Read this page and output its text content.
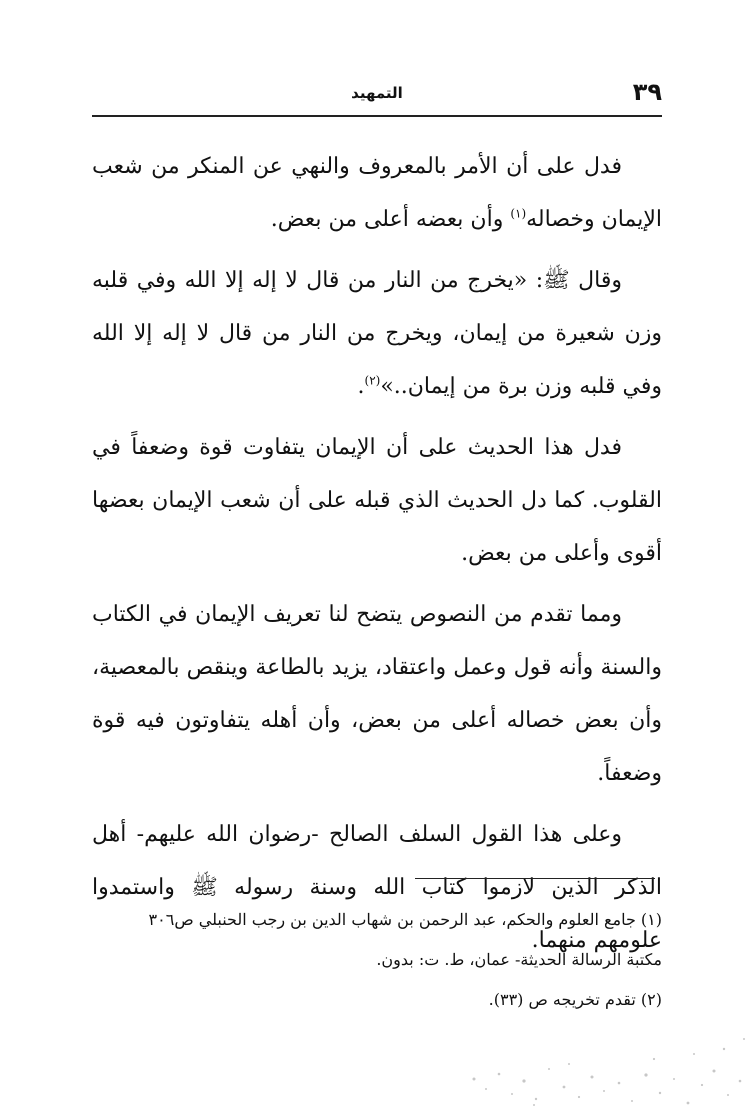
٣٩
التمهيد

فدل على أن الأمر بالمعروف والنهي عن المنكر من شعب الإيمان وخصاله$^{(١)}$ وأن بعضه أعلى من بعض.

وقال ﷺ: «يخرج من النار من قال لا إله إلا الله وفي قلبه وزن شعيرة من إيمان، ويخرج من النار من قال لا إله إلا الله وفي قلبه وزن برة من إيمان..»$^{(٢)}$.

فدل هذا الحديث على أن الإيمان يتفاوت قوة وضعفاً في القلوب. كما دل الحديث الذي قبله على أن شعب الإيمان بعضها أقوى وأعلى من بعض.

ومما تقدم من النصوص يتضح لنا تعريف الإيمان في الكتاب والسنة وأنه قول وعمل واعتقاد، يزيد بالطاعة وينقص بالمعصية، وأن بعض خصاله أعلى من بعض، وأن أهله يتفاوتون فيه قوة وضعفاً.

وعلى هذا القول السلف الصالح -رضوان الله عليهم- أهل الذكر الذين لازموا كتاب الله وسنة رسوله ﷺ واستمدوا علومهم منهما.

(١) جامع العلوم والحكم، عبد الرحمن بن شهاب الدين بن رجب الحنبلي ص٣٠٦

مكتبة الرسالة الحديثة- عمان، ط. ت: بدون.

(٢) تقدم تخريجه ص (٣٣).
